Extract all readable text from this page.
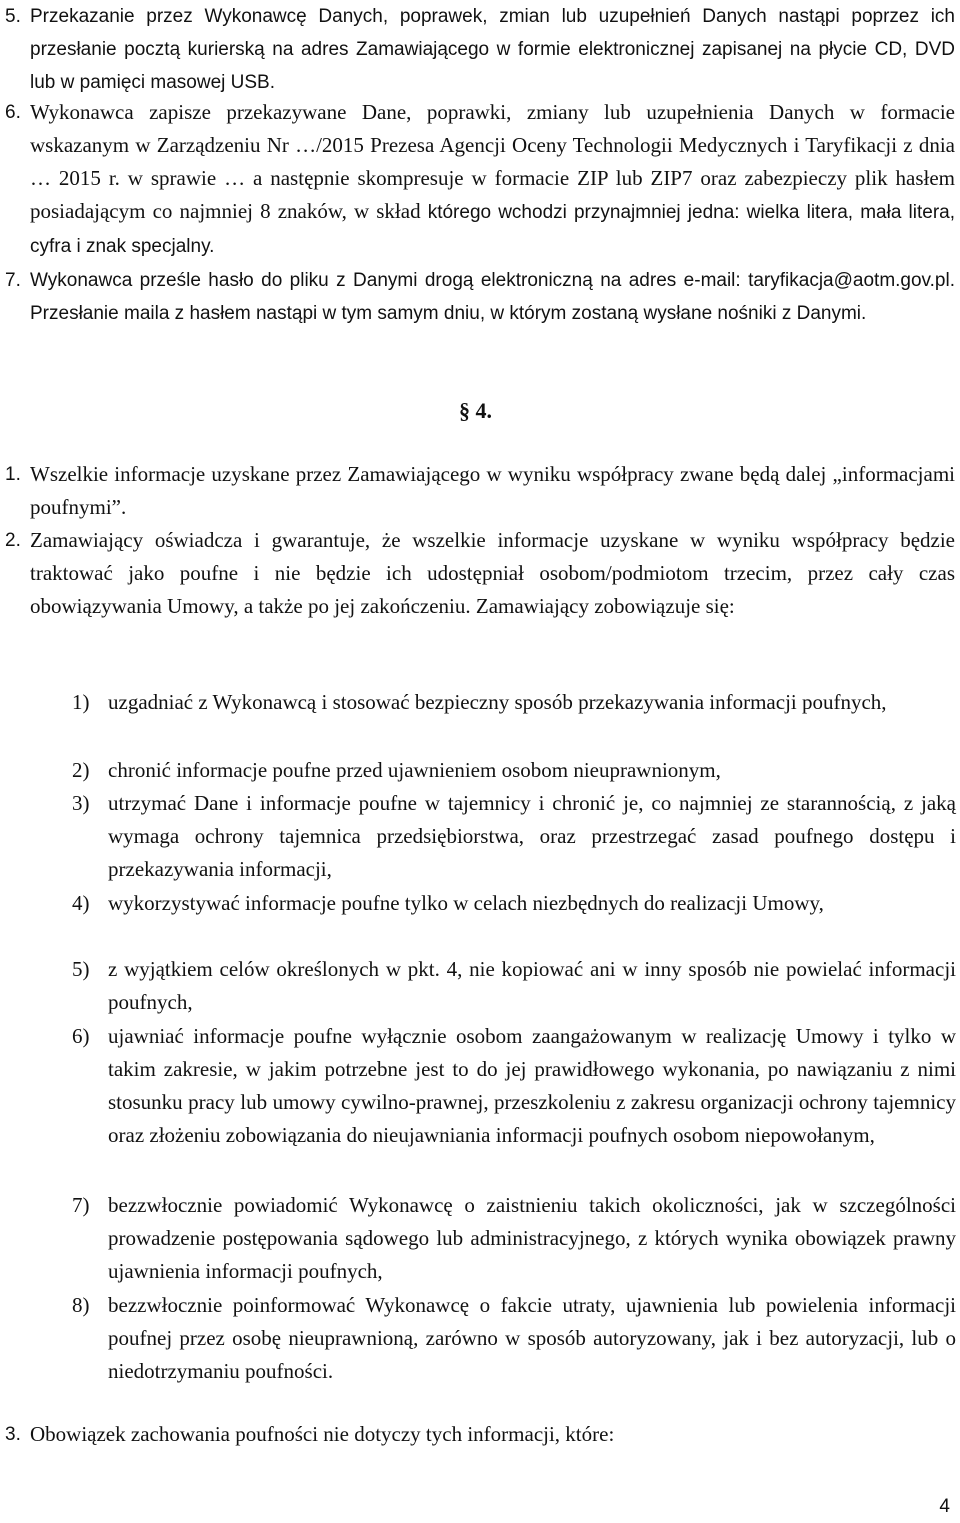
5. Przekazanie przez Wykonawcę Danych, poprawek, zmian lub uzupełnień Danych nastąpi poprzez ich przesłanie pocztą kurierską na adres Zamawiającego w formie elektronicznej zapisanej na płycie CD, DVD lub w pamięci masowej USB.
6. Wykonawca zapisze przekazywane Dane, poprawki, zmiany lub uzupełnienia Danych w formacie wskazanym w Zarządzeniu Nr …/2015 Prezesa Agencji Oceny Technologii Medycznych i Taryfikacji z dnia … 2015 r. w sprawie … a następnie skompresuje w formacie ZIP lub ZIP7 oraz zabezpieczy plik hasłem posiadającym co najmniej 8 znaków, w skład którego wchodzi przynajmniej jedna: wielka litera, mała litera, cyfra i znak specjalny.
7. Wykonawca prześle hasło do pliku z Danymi drogą elektroniczną na adres e-mail: taryfikacja@aotm.gov.pl. Przesłanie maila z hasłem nastąpi w tym samym dniu, w którym zostaną wysłane nośniki z Danymi.
§ 4.
1. Wszelkie informacje uzyskane przez Zamawiającego w wyniku współpracy zwane będą dalej „informacjami poufnymi”.
2. Zamawiający oświadcza i gwarantuje, że wszelkie informacje uzyskane w wyniku współpracy będzie traktować jako poufne i nie będzie ich udostępniał osobom/podmiotom trzecim, przez cały czas obowiązywania Umowy, a także po jej zakończeniu. Zamawiający zobowiązuje się:
1) uzgadniać z Wykonawcą i stosować bezpieczny sposób przekazywania informacji poufnych,
2) chronić informacje poufne przed ujawnieniem osobom nieuprawnionym,
3) utrzymać Dane i informacje poufne w tajemnicy i chronić je, co najmniej ze starannością, z jaką wymaga ochrony tajemnica przedsiębiorstwa, oraz przestrzegać zasad poufnego dostępu i przekazywania informacji,
4) wykorzystywać informacje poufne tylko w celach niezbędnych do realizacji Umowy,
5) z wyjątkiem celów określonych w pkt. 4, nie kopiować ani w inny sposób nie powielać informacji poufnych,
6) ujawniać informacje poufne wyłącznie osobom zaangażowanym w realizację Umowy i tylko w takim zakresie, w jakim potrzebne jest to do jej prawidłowego wykonania, po nawiązaniu z nimi stosunku pracy lub umowy cywilno-prawnej, przeszkoleniu z zakresu organizacji ochrony tajemnicy oraz złożeniu zobowiązania do nieujawniania informacji poufnych osobom niepowołanym,
7) bezzwłocznie powiadomić Wykonawcę o zaistnieniu takich okoliczności, jak w szczególności prowadzenie postępowania sądowego lub administracyjnego, z których wynika obowiązek prawny ujawnienia informacji poufnych,
8) bezzwłocznie poinformować Wykonawcę o fakcie utraty, ujawnienia lub powielenia informacji poufnej przez osobę nieuprawnioną, zarówno w sposób autoryzowany, jak i bez autoryzacji, lub o niedotrzymaniu poufności.
3. Obowiązek zachowania poufności nie dotyczy tych informacji, które:
4
